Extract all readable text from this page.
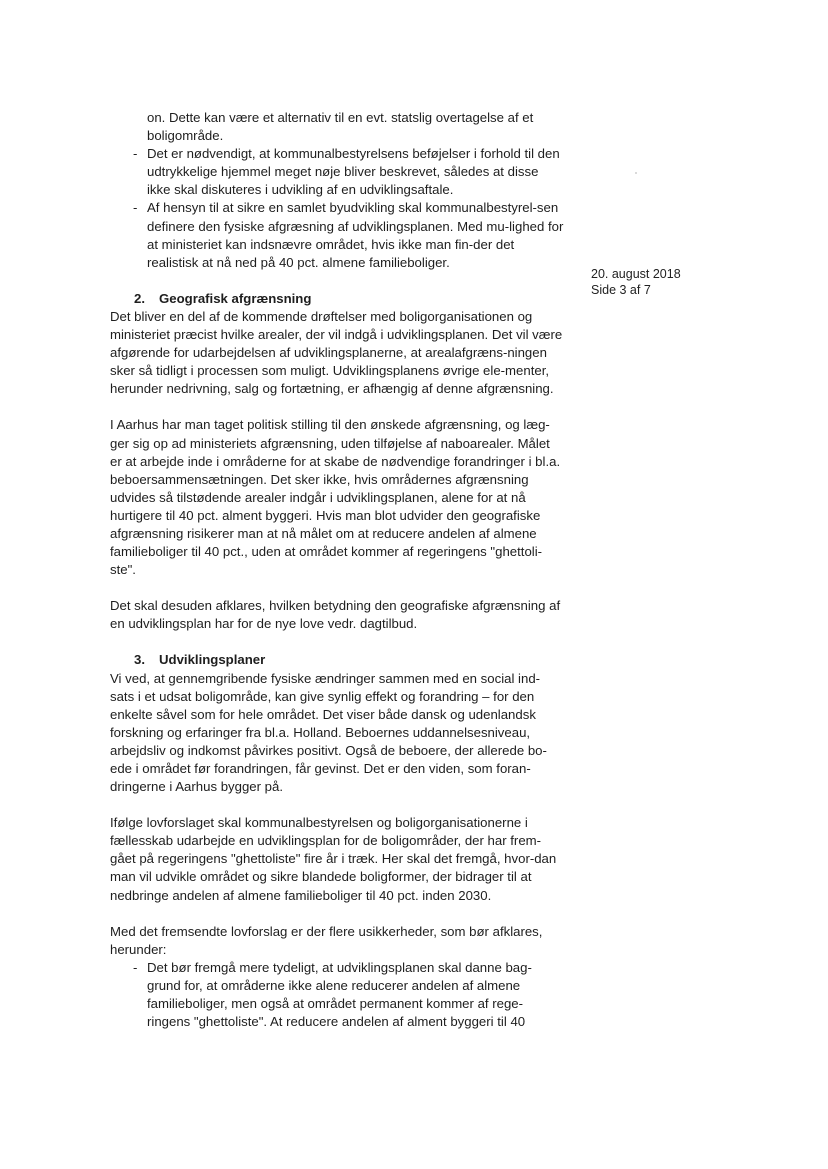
20. august 2018
Side 3 af 7

on. Dette kan være et alternativ til en evt. statslig overtagelse af et boligområde.

- Det er nødvendigt, at kommunalbestyrelsens beføjelser i forhold til den udtrykkelige hjemmel meget nøje bliver beskrevet, således at disse ikke skal diskuteres i udvikling af en udviklingsaftale.
- Af hensyn til at sikre en samlet byudvikling skal kommunalbestyrel-sen definere den fysiske afgræsning af udviklingsplanen. Med mu-lighed for at ministeriet kan indsnævre området, hvis ikke man fin-der det realistisk at nå ned på 40 pct. almene familieboliger.
2. Geografisk afgrænsning

Det bliver en del af de kommende drøftelser med boligorganisationen og ministeriet præcist hvilke arealer, der vil indgå i udviklingsplanen. Det vil være afgørende for udarbejdelsen af udviklingsplanerne, at arealafgræns-ningen sker så tidligt i processen som muligt. Udviklingsplanens øvrige ele-menter, herunder nedrivning, salg og fortætning, er afhængig af denne afgrænsning.

I Aarhus har man taget politisk stilling til den ønskede afgrænsning, og læg-ger sig op ad ministeriets afgrænsning, uden tilføjelse af naboarealer. Målet er at arbejde inde i områderne for at skabe de nødvendige forandringer i bl.a. beboersammensætningen. Det sker ikke, hvis områdernes afgrænsning udvides så tilstødende arealer indgår i udviklingsplanen, alene for at nå hurtigere til 40 pct. alment byggeri. Hvis man blot udvider den geografiske afgrænsning risikerer man at nå målet om at reducere andelen af almene familieboliger til 40 pct., uden at området kommer af regeringens "ghettoli-ste".

Det skal desuden afklares, hvilken betydning den geografiske afgrænsning af en udviklingsplan har for de nye love vedr. dagtilbud.

3. Udviklingsplaner

Vi ved, at gennemgribende fysiske ændringer sammen med en social ind-sats i et udsat boligområde, kan give synlig effekt og forandring – for den enkelte såvel som for hele området. Det viser både dansk og udenlandsk forskning og erfaringer fra bl.a. Holland. Beboernes uddannelsesniveau, arbejdsliv og indkomst påvirkes positivt. Også de beboere, der allerede bo-ede i området før forandringen, får gevinst. Det er den viden, som foran-dringerne i Aarhus bygger på.

Ifølge lovforslaget skal kommunalbestyrelsen og boligorganisationerne i fællesskab udarbejde en udviklingsplan for de boligområder, der har frem-gået på regeringens "ghettoliste" fire år i træk. Her skal det fremgå, hvor-dan man vil udvikle området og sikre blandede boligformer, der bidrager til at nedbringe andelen af almene familieboliger til 40 pct. inden 2030.

Med det fremsendte lovforslag er der flere usikkerheder, som bør afklares, herunder:

- Det bør fremgå mere tydeligt, at udviklingsplanen skal danne bag-grund for, at områderne ikke alene reducerer andelen af almene familieboliger, men også at området permanent kommer af rege-ringens "ghettoliste". At reducere andelen af alment byggeri til 40
